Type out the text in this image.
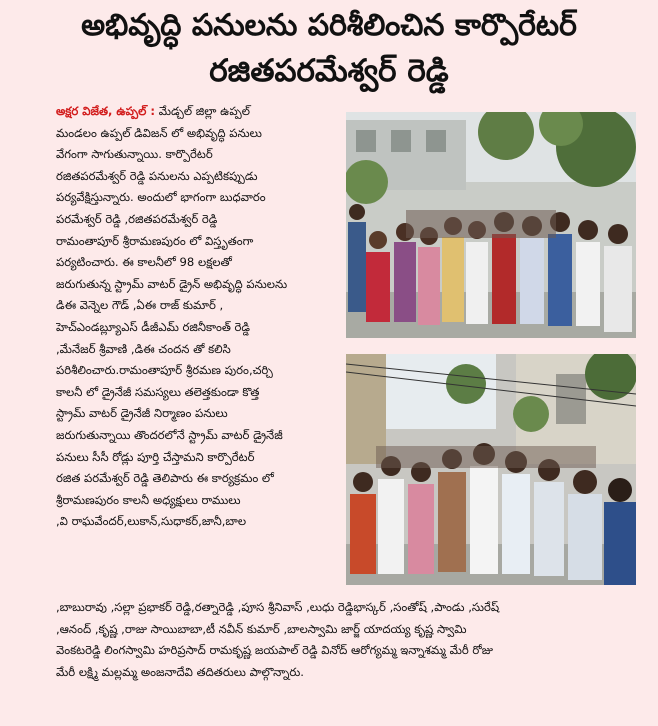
అభివృద్ధి పనులను పరిశీలించిన కార్పొరేటర్
రజితపరమేశ్వర్ రెడ్డి
అక్షర విజేత, ఉప్పల్ : మేడ్చల్ జిల్లా ఉప్పల్
మండలం ఉప్పల్ డివిజన్ లో అభివృద్ధి పనులు
వేగంగా సాగుతున్నాయి. కార్పొరేటర్
రజితపరమేశ్వర్ రెడ్డి పనులను ఎప్పటికప్పుడు
పర్యవేక్షిస్తున్నారు. అందులో భాగంగా బుధవారం
పరమేశ్వర్ రెడ్డి ,రజితపరమేశ్వర్ రెడ్డి
రామంతాపూర్ శ్రీరామణపురం లో విస్తృతంగా
పర్యటించారు. ఈ కాలనీలో 98 లక్షలతో
జరుగుతున్న స్ట్రామ్ వాటర్ డ్రైన్ అభివృద్ధి పనులను
డిఈ వెన్నెల గౌడ్ ,ఏఈ రాజ్ కుమార్ ,
హెచ్ఎండబ్ల్యూఎస్ డీజీఎమ్ రజినీకాంత్ రెడ్డి
,మేనేజర్ శ్రీవాణి ,డిఈ చందన తో కలిసి
పరిశీలించారు.రామంతాపూర్ శ్రీరమణ పురం,చర్చి
కాలనీ లో డ్రైనేజీ సమస్యలు తలెత్తకుండా కొత్త
స్ట్రామ్ వాటర్ డ్రైనేజీ నిర్మాణం పనులు
జరుగుతున్నాయి తొందరలోనే స్ట్రామ్ వాటర్ డ్రైనేజీ
పనులు సీసీ రోడ్లు పూర్తి చేస్తామని కార్పొరేటర్
రజిత పరమేశ్వర్ రెడ్డి తెలిపారు ఈ కార్యక్రమం లో
శ్రీరామణపురం కాలనీ అధ్యక్షులు రాములు
,వి రాఘవేందర్,లుకాన్,సుధాకర్,జానీ,బాల
,బాబురావు ,సల్లా ప్రభాకర్ రెడ్డి,రత్నారెడ్డి ,పూస శ్రీనివాస్ ,లుధు రెడ్డిభాస్కర్ ,సంతోష్ ,పాండు ,సురేష్
,ఆనంద్ ,కృష్ణ ,రాజు సాయిబాబా,టీ నవీన్ కుమార్ ,బాలస్వామి జార్జ్ యాదయ్య కృష్ణ స్వామి
వెంకటరెడ్డి లింగస్వామి హరిప్రసాద్ రామకృష్ణ జయపాల్ రెడ్డి వినోద్ ఆరోగ్యమ్మ ఇన్నాశమ్మ మేరీ రోజు
మేరీ లక్ష్మి మల్లమ్మ అంజనాదేవి తదితరులు పాల్గొన్నారు.
